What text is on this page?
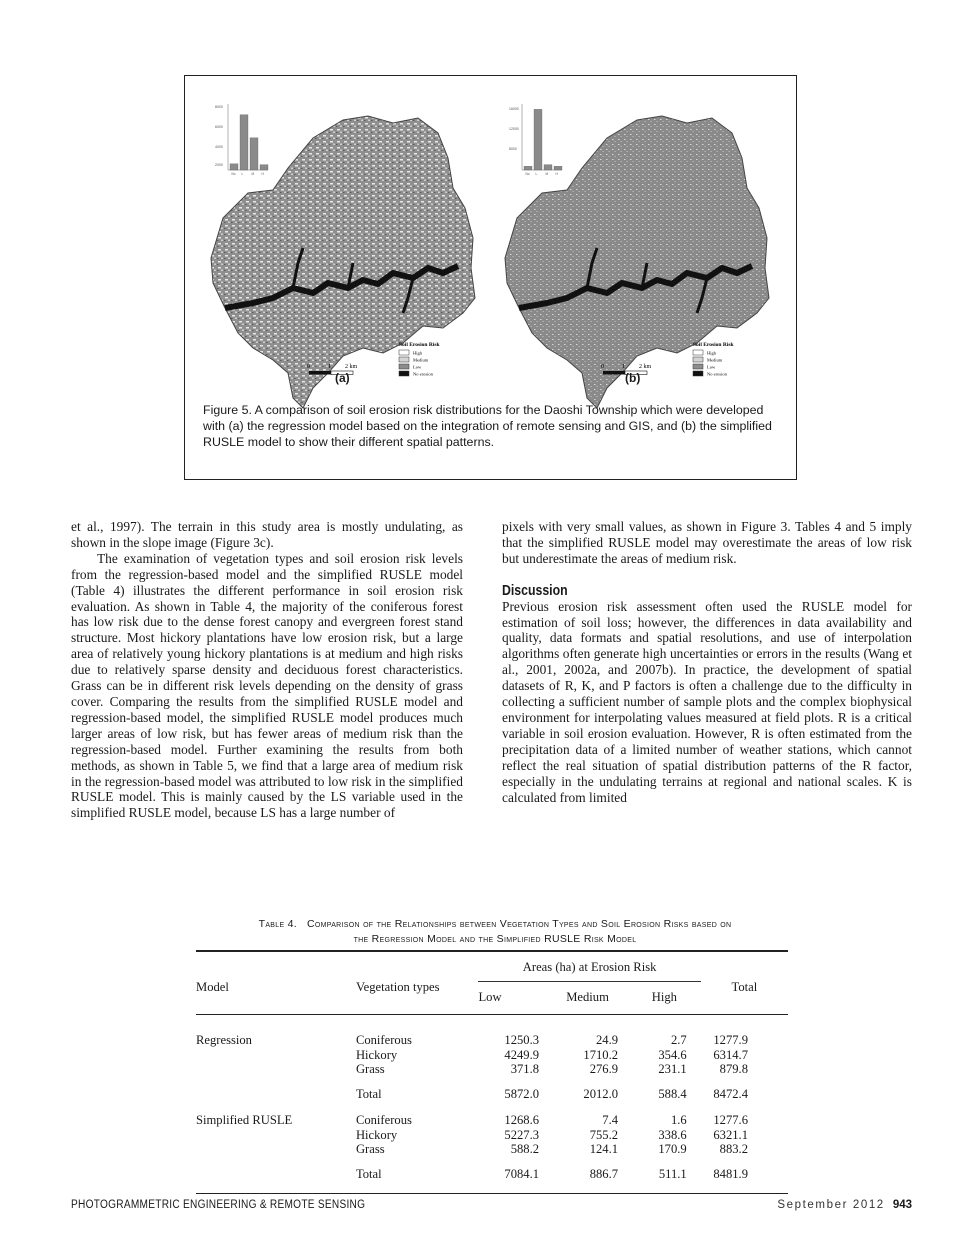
8000
6000
4000
2000
No L	M H
Soil Erosion Risk
High
Medium
Low
No erosion
0	1 2 km
16000
12000
8000
No L	M H
Soil Erosion Risk
High
Medium
Low
No erosion
0	1 2 km
(a)	(b)
Figure 5. A comparison of soil erosion risk distributions for the Daoshi Township which were developed with (a) the regression model based on the integration of remote sensing and GIS, and (b) the simplified RUSLE model to show their different spatial patterns.

et al., 1997). The terrain in this study area is mostly undulating, as shown in the slope image (Figure 3c).

The examination of vegetation types and soil erosion risk levels from the regression-based model and the simplified RUSLE model (Table 4) illustrates the different performance in soil erosion risk evaluation. As shown in Table 4, the majority of the coniferous forest has low risk due to the dense forest canopy and evergreen forest stand structure. Most hickory plantations have low erosion risk, but a large area of relatively young hickory plantations is at medium and high risks due to relatively sparse density and deciduous forest characteristics. Grass can be in different risk levels depending on the density of grass cover. Comparing the results from the simplified RUSLE model and regression-based model, the simplified RUSLE model produces much larger areas of low risk, but has fewer areas of medium risk than the regression-based model. Further examining the results from both methods, as shown in Table 5, we find that a large area of medium risk in the regression-based model was attributed to low risk in the simplified RUSLE model. This is mainly caused by the LS variable used in the simplified RUSLE model, because LS has a large number of

pixels with very small values, as shown in Figure 3. Tables 4 and 5 imply that the simplified RUSLE model may overestimate the areas of low risk but underestimate the areas of medium risk.

Discussion

Previous erosion risk assessment often used the RUSLE model for estimation of soil loss; however, the differences in data availability and quality, data formats and spatial resolutions, and use of interpolation algorithms often generate high uncertainties or errors in the results (Wang et al., 2001, 2002a, and 2007b). In practice, the development of spatial datasets of R, K, and P factors is often a challenge due to the difficulty in collecting a sufficient number of sample plots and the complex biophysical environment for interpolating values measured at field plots. R is a critical variable in soil erosion evaluation. However, R is often estimated from the precipitation data of a limited number of weather stations, which cannot reflect the real situation of spatial distribution patterns of the R factor, especially in the undulating terrains at regional and national scales. K is calculated from limited

Table 4. Comparison of the Relationships between Vegetation Types and Soil Erosion Risks based on
the Regression Model and the Simplified RUSLE Risk Model
Model	Vegetation types	Areas (ha) at Erosion Risk			Total
		Low	Medium	High	
Regression	Coniferous	1250.3	24.9	2.7	1277.9
	Hickory	4249.9	1710.2	354.6	6314.7
	Grass	371.8	276.9	231.1	879.8
	Total	5872.0	2012.0	588.4	8472.4
Simplified RUSLE	Coniferous	1268.6	7.4	1.6	1277.6
	Hickory	5227.3	755.2	338.6	6321.1
	Grass	588.2	124.1	170.9	883.2
	Total	7084.1	886.7	511.1	8481.9
PHOTOGRAMMETRIC ENGINEERING & REMOTE SENSING	September 2012 943
